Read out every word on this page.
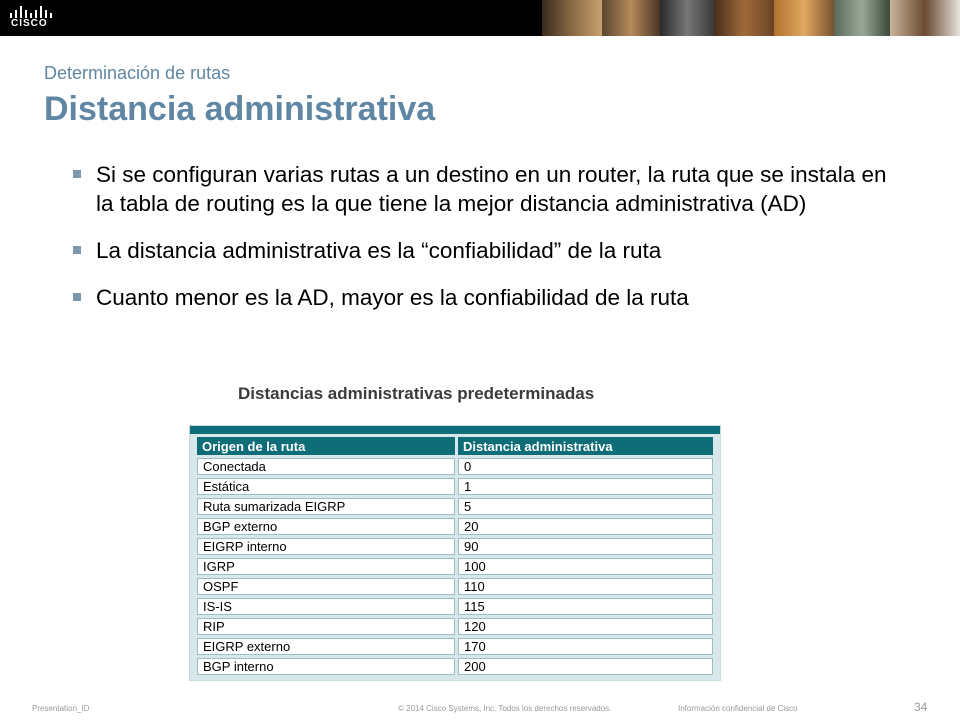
CISCO
Determinación de rutas
Distancia administrativa
Si se configuran varias rutas a un destino en un router, la ruta que se instala en la tabla de routing es la que tiene la mejor distancia administrativa (AD)
La distancia administrativa es la “confiabilidad” de la ruta
Cuanto menor es la AD, mayor es la confiabilidad de la ruta
Distancias administrativas predeterminadas
Origen de la ruta	Distancia administrativa
Conectada	0
Estática	1
Ruta sumarizada EIGRP	5
BGP externo	20
EIGRP interno	90
IGRP	100
OSPF	110
IS-IS	115
RIP	120
EIGRP externo	170
BGP interno	200
Presentation_ID	© 2014 Cisco Systems, Inc. Todos los derechos reservados.	Información confidencial de Cisco	34
